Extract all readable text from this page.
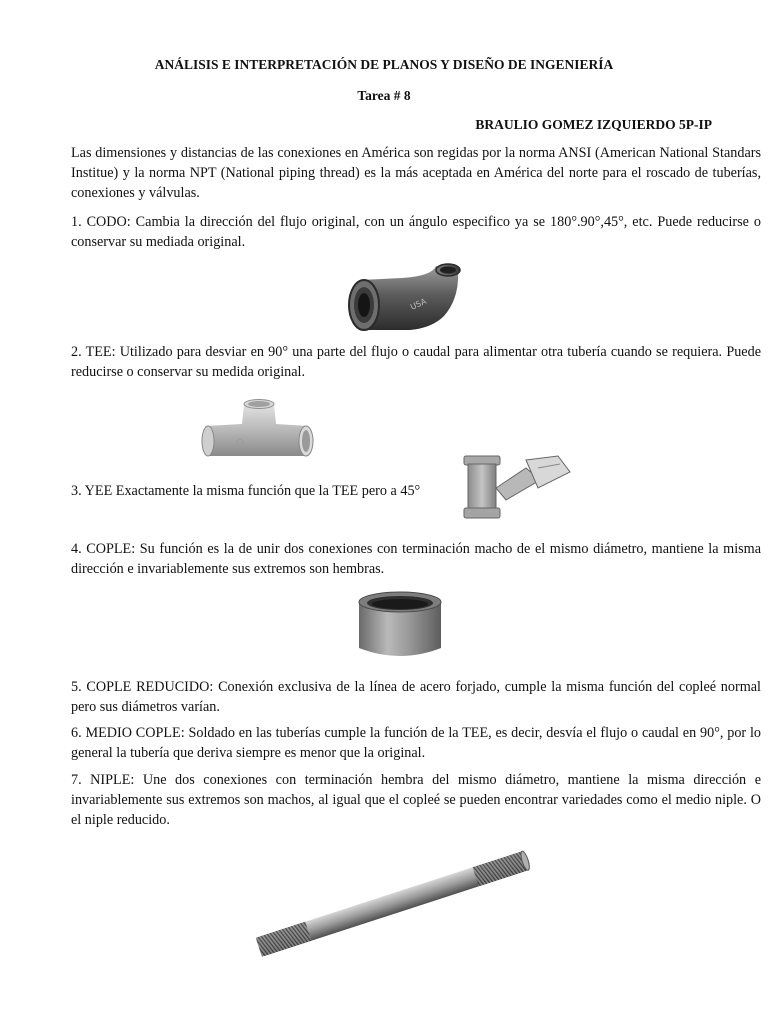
ANÁLISIS E INTERPRETACIÓN DE PLANOS Y DISEÑO DE INGENIERÍA

Tarea # 8

BRAULIO GOMEZ IZQUIERDO 5P-IP

Las dimensiones y distancias de las conexiones en América son regidas por la norma ANSI (American National Standars Institue) y la norma NPT (National piping thread) es la más aceptada en América del norte para el roscado de tuberías, conexiones y válvulas.

1. CODO: Cambia la dirección del flujo original, con un ángulo especifico ya se 180°.90°,45°, etc. Puede reducirse o conservar su mediada original.

USA

2. TEE: Utilizado para desviar en 90° una parte del flujo o caudal para alimentar otra tubería cuando se requiera. Puede reducirse o conservar su medida original.

3. YEE Exactamente la misma función que la TEE pero a 45°

4. COPLE: Su función es la de unir dos conexiones con terminación macho de el mismo diámetro, mantiene la misma dirección e invariablemente sus extremos son hembras.

5. COPLE REDUCIDO: Conexión exclusiva de la línea de acero forjado, cumple la misma función del copleé normal pero sus diámetros varían.

6. MEDIO COPLE: Soldado en las tuberías cumple la función de la TEE, es decir, desvía el flujo o caudal en 90°, por lo general la tubería que deriva siempre es menor que la original.

7. NIPLE: Une dos conexiones con terminación hembra del mismo diámetro, mantiene la misma dirección e invariablemente sus extremos son machos, al igual que el copleé se pueden encontrar variedades como el medio niple. O el niple reducido.
